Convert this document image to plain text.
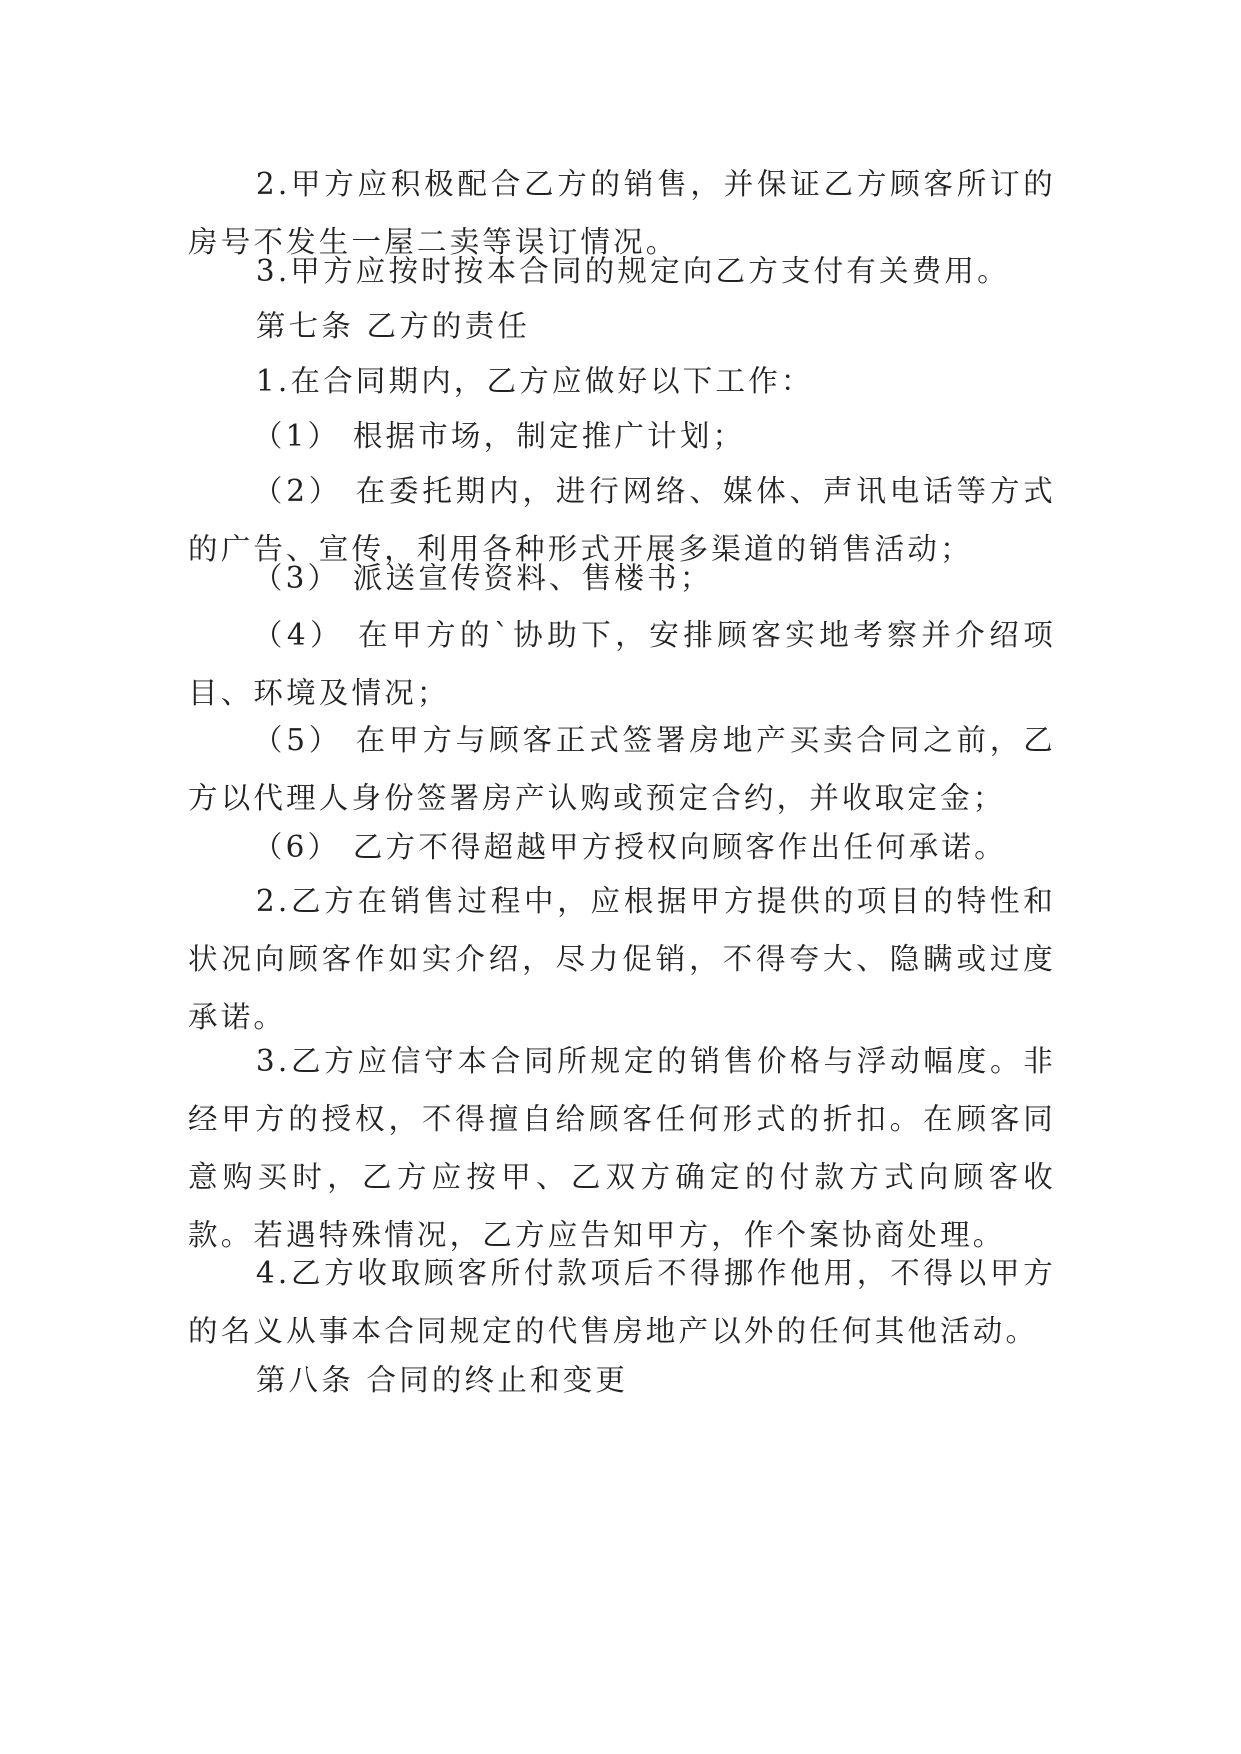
2.甲方应积极配合乙方的销售，并保证乙方顾客所订的房号不发生一屋二卖等误订情况。

3.甲方应按时按本合同的规定向乙方支付有关费用。

第七条 乙方的责任

1.在合同期内，乙方应做好以下工作：

（1） 根据市场，制定推广计划；

（2） 在委托期内，进行网络、媒体、声讯电话等方式的广告、宣传，利用各种形式开展多渠道的销售活动；

（3） 派送宣传资料、售楼书；

（4） 在甲方的`协助下，安排顾客实地考察并介绍项目、环境及情况；

（5） 在甲方与顾客正式签署房地产买卖合同之前，乙方以代理人身份签署房产认购或预定合约，并收取定金；

（6） 乙方不得超越甲方授权向顾客作出任何承诺。

2.乙方在销售过程中，应根据甲方提供的项目的特性和状况向顾客作如实介绍，尽力促销，不得夸大、隐瞒或过度承诺。

3.乙方应信守本合同所规定的销售价格与浮动幅度。非经甲方的授权，不得擅自给顾客任何形式的折扣。在顾客同意购买时，乙方应按甲、乙双方确定的付款方式向顾客收款。若遇特殊情况，乙方应告知甲方，作个案协商处理。

4.乙方收取顾客所付款项后不得挪作他用，不得以甲方的名义从事本合同规定的代售房地产以外的任何其他活动。

第八条 合同的终止和变更
